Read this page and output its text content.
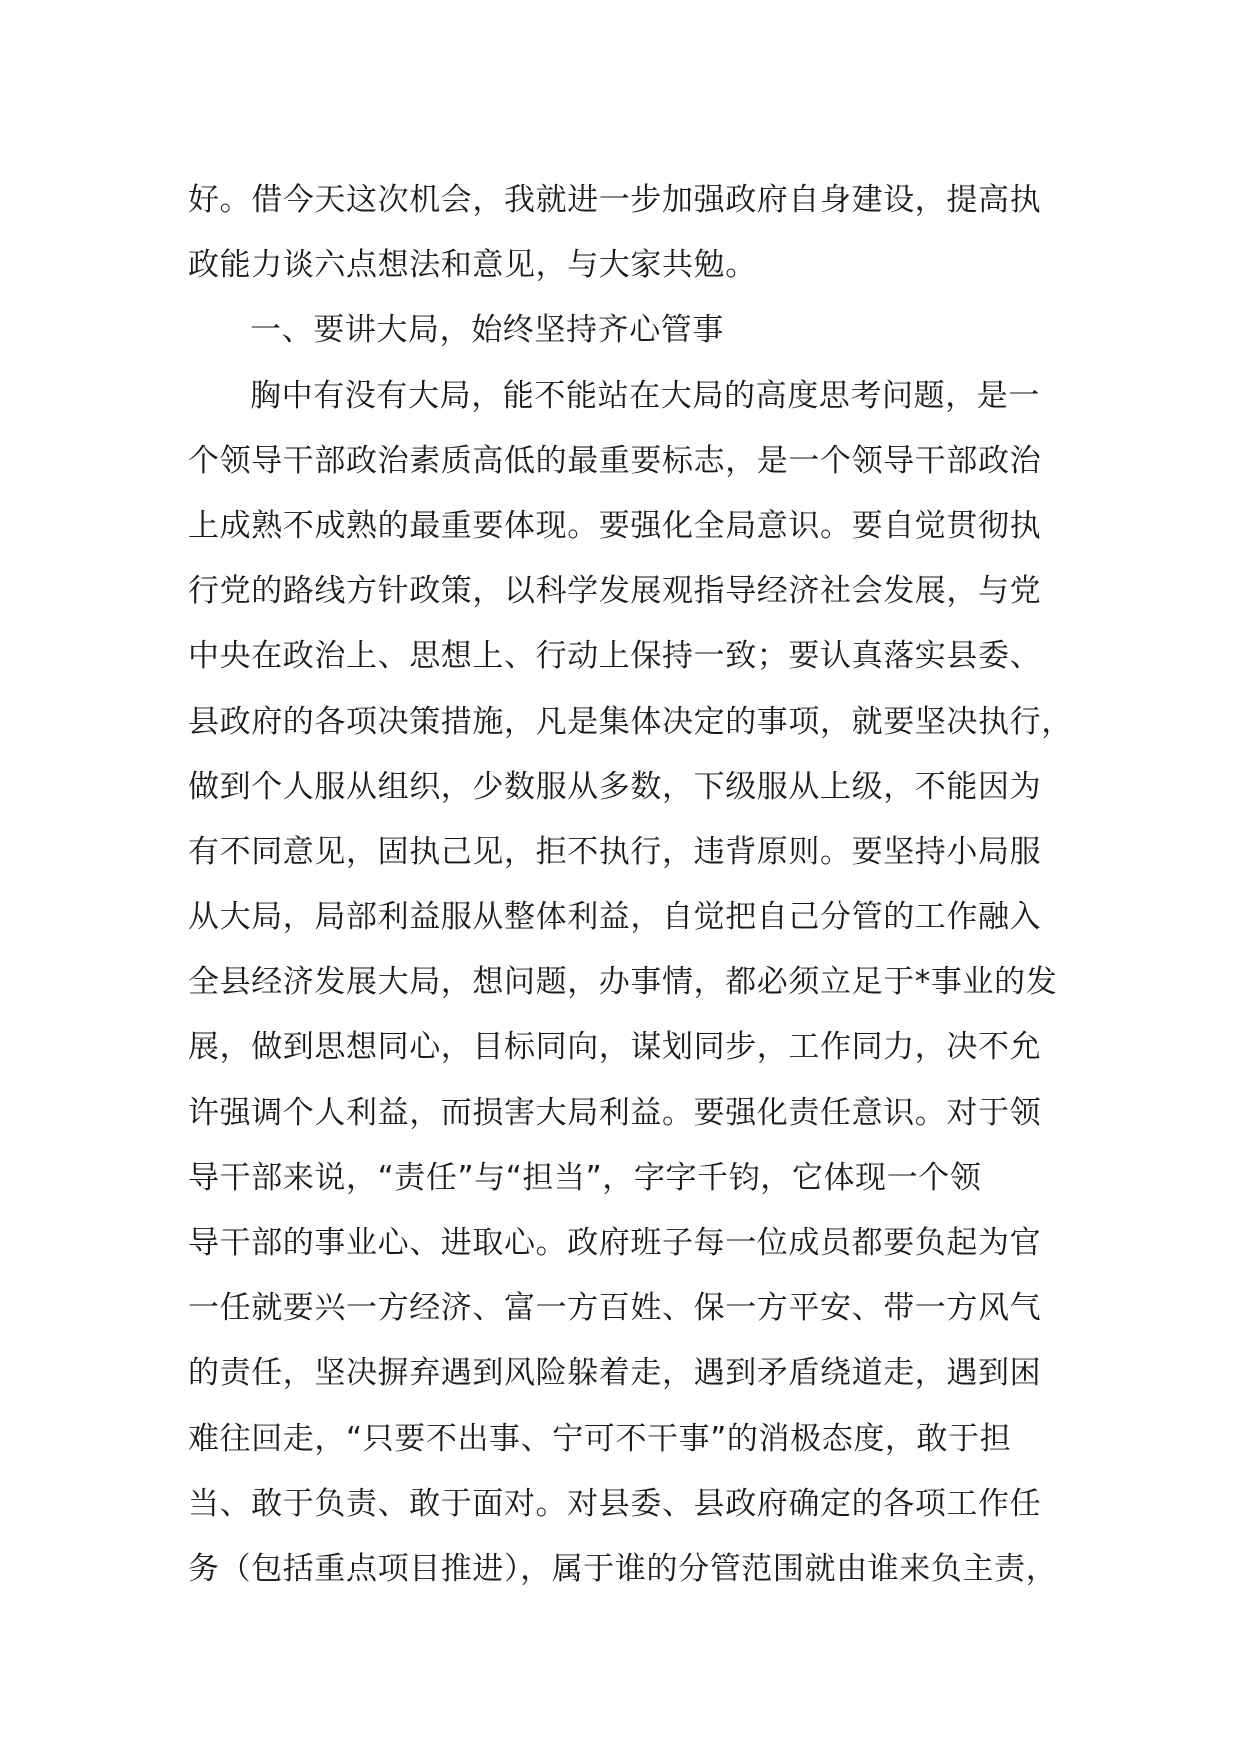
好。借今天这次机会，我就进一步加强政府自身建设，提高执
政能力谈六点想法和意见，与大家共勉。
一、要讲大局，始终坚持齐心管事
胸中有没有大局，能不能站在大局的高度思考问题，是一
个领导干部政治素质高低的最重要标志，是一个领导干部政治
上成熟不成熟的最重要体现。要强化全局意识。要自觉贯彻执
行党的路线方针政策，以科学发展观指导经济社会发展，与党
中央在政治上、思想上、行动上保持一致；要认真落实县委、
县政府的各项决策措施，凡是集体决定的事项，就要坚决执行，
做到个人服从组织，少数服从多数，下级服从上级，不能因为
有不同意见，固执己见，拒不执行，违背原则。要坚持小局服
从大局，局部利益服从整体利益，自觉把自己分管的工作融入
全县经济发展大局，想问题，办事情，都必须立足于*事业的发
展，做到思想同心，目标同向，谋划同步，工作同力，决不允
许强调个人利益，而损害大局利益。要强化责任意识。对于领
导干部来说，“责任”与“担当”，字字千钧，它体现一个领
导干部的事业心、进取心。政府班子每一位成员都要负起为官
一任就要兴一方经济、富一方百姓、保一方平安、带一方风气
的责任，坚决摒弃遇到风险躲着走，遇到矛盾绕道走，遇到困
难往回走，“只要不出事、宁可不干事”的消极态度，敢于担
当、敢于负责、敢于面对。对县委、县政府确定的各项工作任
务（包括重点项目推进），属于谁的分管范围就由谁来负主责，
